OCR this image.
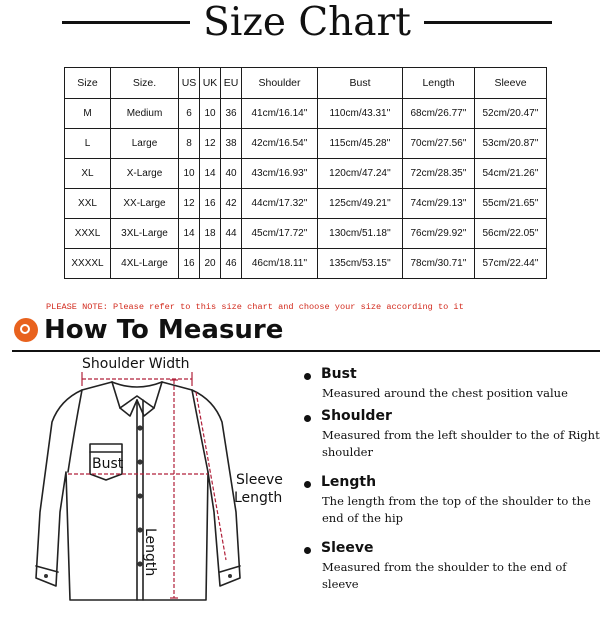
Size Chart
Size	Size.	US	UK	EU	Shoulder	Bust	Length	Sleeve
M	Medium	6	10	36	41cm/16.14''	110cm/43.31''	68cm/26.77''	52cm/20.47''
L	Large	8	12	38	42cm/16.54''	115cm/45.28''	70cm/27.56''	53cm/20.87''
XL	X-Large	10	14	40	43cm/16.93''	120cm/47.24''	72cm/28.35''	54cm/21.26''
XXL	XX-Large	12	16	42	44cm/17.32''	125cm/49.21''	74cm/29.13''	55cm/21.65''
XXXL	3XL-Large	14	18	44	45cm/17.72''	130cm/51.18''	76cm/29.92''	56cm/22.05''
XXXXL	4XL-Large	16	20	46	46cm/18.11''	135cm/53.15''	78cm/30.71''	57cm/22.44''
PLEASE NOTE: Please refer to this size chart and choose your size according to it
How To Measure
Shoulder Width
Bust
Sleeve
Length
Length
Bust
Measured around the chest position value
Shoulder
Measured from the left shoulder to the of Right shoulder
Length
The length from the top of the shoulder to the end of the hip
Sleeve
Measured from the shoulder to the end of sleeve
